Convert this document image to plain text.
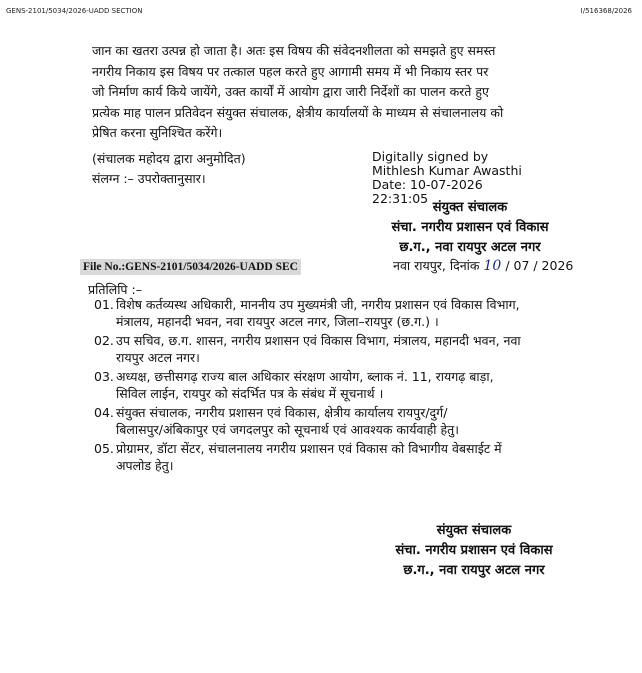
GENS-2101/5034/2026-UADD SECTION	I/516368/2026
जान का खतरा उत्पन्न हो जाता है। अतः इस विषय की संवेदनशीलता को समझते हुए समस्त
नगरीय निकाय इस विषय पर तत्काल पहल करते हुए आगामी समय में भी निकाय स्तर पर
जो निर्माण कार्य किये जायेंगे, उक्त कार्यों में आयोग द्वारा जारी निर्देशों का पालन करते हुए
प्रत्येक माह पालन प्रतिवेदन संयुक्त संचालक, क्षेत्रीय कार्यालयों के माध्यम से संचालनालय को
प्रेषित करना सुनिश्चित करेंगे।
(संचालक महोदय द्वारा अनुमोदित)
संलग्न :– उपरोक्तानुसार।
Digitally signed by
Mithlesh Kumar Awasthi
Date: 10-07-2026
22:31:05
संयुक्त संचालक
संचा. नगरीय प्रशासन एवं विकास
छ.ग., नवा रायपुर अटल नगर
File No.:GENS-2101/5034/2026-UADD SEC	नवा रायपुर, दिनांक 10 / 07 / 2026
प्रतिलिपि :–
01. विशेष कर्तव्यस्थ अधिकारी, माननीय उप मुख्यमंत्री जी, नगरीय प्रशासन एवं विकास विभाग,
मंत्रालय, महानदी भवन, नवा रायपुर अटल नगर, जिला–रायपुर (छ.ग.) ।
02. उप सचिव, छ.ग. शासन, नगरीय प्रशासन एवं विकास विभाग, मंत्रालय, महानदी भवन, नवा
रायपुर अटल नगर।
03. अध्यक्ष, छत्तीसगढ़ राज्य बाल अधिकार संरक्षण आयोग, ब्लाक नं. 11, रायगढ़ बाड़ा,
सिविल लाईन, रायपुर को संदर्भित पत्र के संबंध में सूचनार्थ ।
04. संयुक्त संचालक, नगरीय प्रशासन एवं विकास, क्षेत्रीय कार्यालय रायपुर/दुर्ग/
बिलासपुर/अंबिकापुर एवं जगदलपुर को सूचनार्थ एवं आवश्यक कार्यवाही हेतु।
05. प्रोग्रामर, डॉटा सेंटर, संचालनालय नगरीय प्रशासन एवं विकास को विभागीय वेबसाईट में
अपलोड हेतु।
संयुक्त संचालक
संचा. नगरीय प्रशासन एवं विकास
छ.ग., नवा रायपुर अटल नगर
